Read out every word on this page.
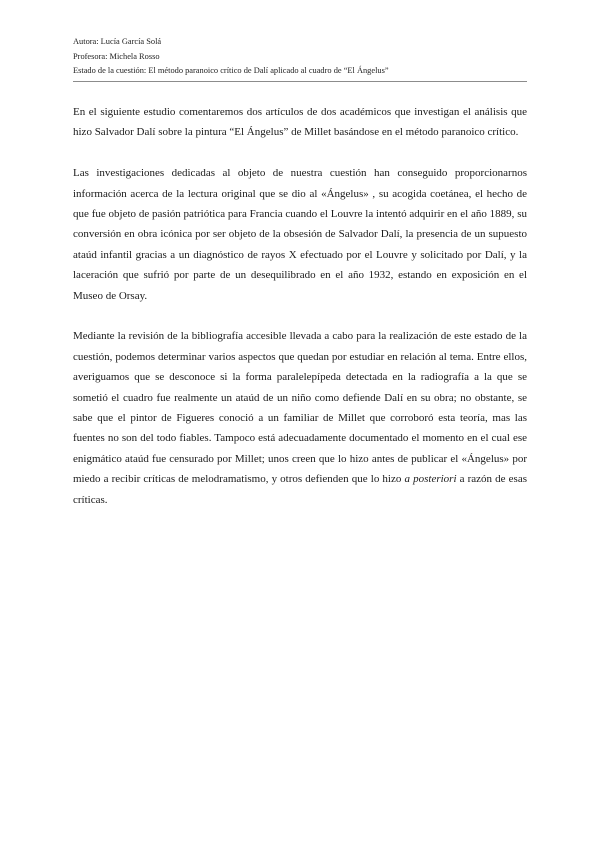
Autora: Lucía García Solá
Profesora: Michela Rosso
Estado de la cuestión: El método paranoico crítico de Dalí aplicado al cuadro de “El Ángelus”

En el siguiente estudio comentaremos dos artículos de dos académicos que investigan el análisis que hizo Salvador Dalí sobre la pintura “El Ángelus” de Millet basándose en el método paranoico crítico.

Las investigaciones dedicadas al objeto de nuestra cuestión han conseguido proporcionarnos información acerca de la lectura original que se dio al «Ángelus» , su acogida coetánea, el hecho de que fue objeto de pasión patriótica para Francia cuando el Louvre la intentó adquirir en el año 1889, su conversión en obra icónica por ser objeto de la obsesión de Salvador Dalí, la presencia de un supuesto ataúd infantil gracias a un diagnóstico de rayos X efectuado por el Louvre y solicitado por Dalí, y la laceración que sufrió por parte de un desequilibrado en el año 1932, estando en exposición en el Museo de Orsay.

Mediante la revisión de la bibliografía accesible llevada a cabo para la realización de este estado de la cuestión, podemos determinar varios aspectos que quedan por estudiar en relación al tema. Entre ellos, averiguamos que se desconoce si la forma paralelepípeda detectada en la radiografía a la que se sometió el cuadro fue realmente un ataúd de un niño como defiende Dalí en su obra; no obstante, se sabe que el pintor de Figueres conoció a un familiar de Millet que corroboró esta teoría, mas las fuentes no son del todo fiables. Tampoco está adecuadamente documentado el momento en el cual ese enigmático ataúd fue censurado por Millet; unos creen que lo hizo antes de publicar el «Ángelus» por miedo a recibir críticas de melodramatismo, y otros defienden que lo hizo a posteriori a razón de esas críticas.
